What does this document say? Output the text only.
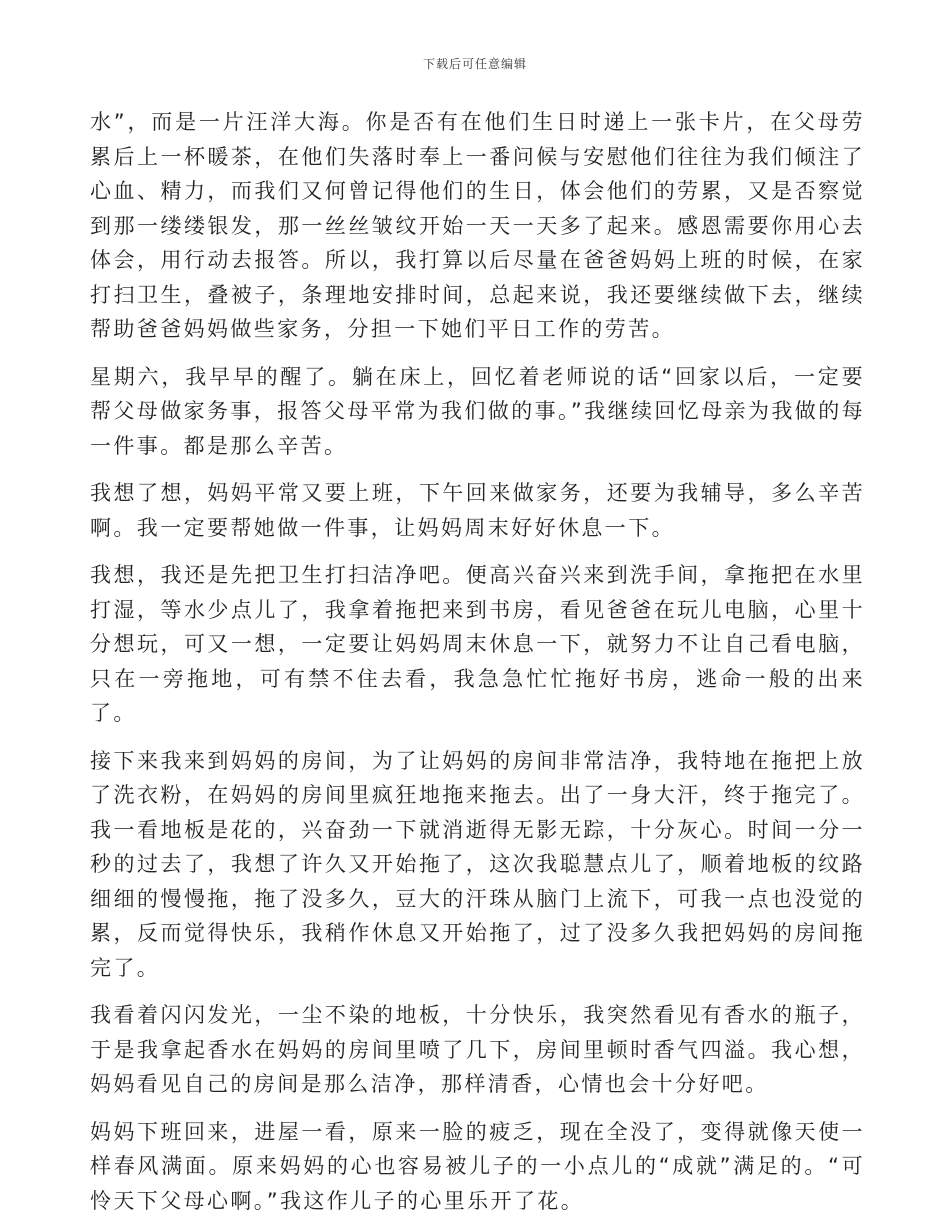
下载后可任意编辑

水”，而是一片汪洋大海。你是否有在他们生日时递上一张卡片，在父母劳累后上一杯暖茶，在他们失落时奉上一番问候与安慰他们往往为我们倾注了心血、精力，而我们又何曾记得他们的生日，体会他们的劳累，又是否察觉到那一缕缕银发，那一丝丝皱纹开始一天一天多了起来。感恩需要你用心去体会，用行动去报答。所以，我打算以后尽量在爸爸妈妈上班的时候，在家打扫卫生，叠被子，条理地安排时间，总起来说，我还要继续做下去，继续帮助爸爸妈妈做些家务，分担一下她们平日工作的劳苦。

星期六，我早早的醒了。躺在床上，回忆着老师说的话“回家以后，一定要帮父母做家务事，报答父母平常为我们做的事。”我继续回忆母亲为我做的每一件事。都是那么辛苦。

我想了想，妈妈平常又要上班，下午回来做家务，还要为我辅导，多么辛苦啊。我一定要帮她做一件事，让妈妈周末好好休息一下。

我想，我还是先把卫生打扫洁净吧。便高兴奋兴来到洗手间，拿拖把在水里打湿，等水少点儿了，我拿着拖把来到书房，看见爸爸在玩儿电脑，心里十分想玩，可又一想，一定要让妈妈周末休息一下，就努力不让自己看电脑，只在一旁拖地，可有禁不住去看，我急急忙忙拖好书房，逃命一般的出来了。

接下来我来到妈妈的房间，为了让妈妈的房间非常洁净，我特地在拖把上放了洗衣粉，在妈妈的房间里疯狂地拖来拖去。出了一身大汗，终于拖完了。我一看地板是花的，兴奋劲一下就消逝得无影无踪，十分灰心。时间一分一秒的过去了，我想了许久又开始拖了，这次我聪慧点儿了，顺着地板的纹路细细的慢慢拖，拖了没多久，豆大的汗珠从脑门上流下，可我一点也没觉的累，反而觉得快乐，我稍作休息又开始拖了，过了没多久我把妈妈的房间拖完了。

我看着闪闪发光，一尘不染的地板，十分快乐，我突然看见有香水的瓶子，于是我拿起香水在妈妈的房间里喷了几下，房间里顿时香气四溢。我心想，妈妈看见自己的房间是那么洁净，那样清香，心情也会十分好吧。

妈妈下班回来，进屋一看，原来一脸的疲乏，现在全没了，变得就像天使一样春风满面。原来妈妈的心也容易被儿子的一小点儿的“成就”满足的。“可怜天下父母心啊。”我这作儿子的心里乐开了花。
